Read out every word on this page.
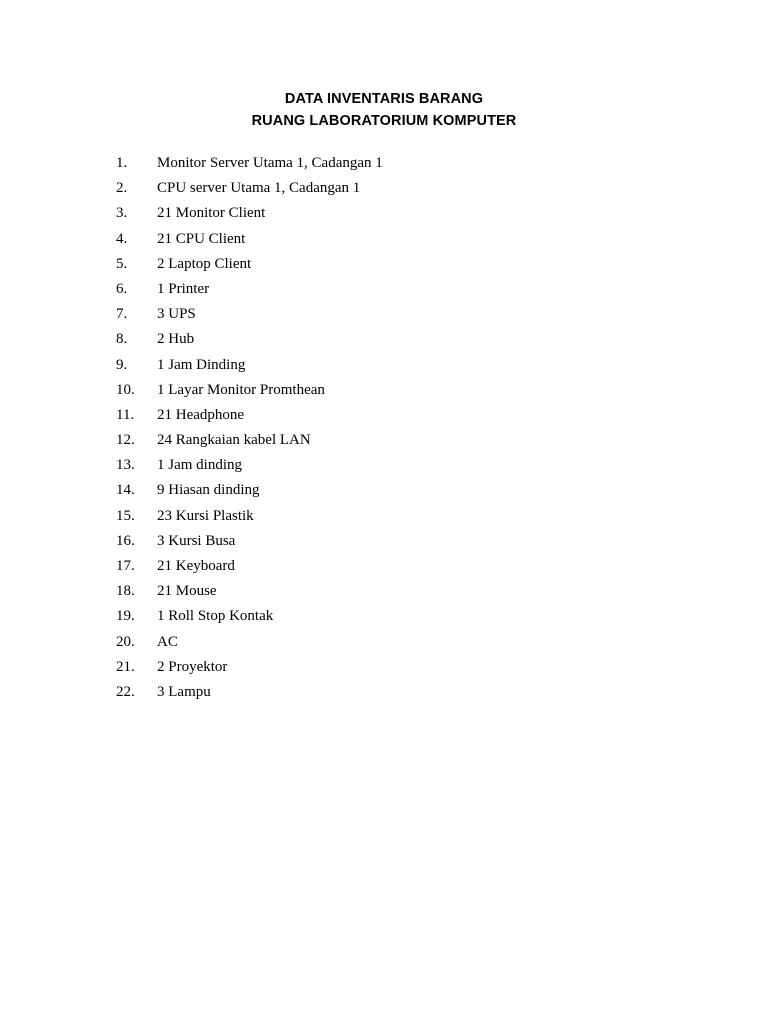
DATA INVENTARIS BARANG
RUANG LABORATORIUM KOMPUTER
1. Monitor Server Utama 1, Cadangan 1
2. CPU server Utama 1, Cadangan 1
3. 21 Monitor Client
4. 21 CPU Client
5. 2 Laptop Client
6. 1 Printer
7. 3 UPS
8. 2 Hub
9. 1 Jam Dinding
10. 1 Layar Monitor Promthean
11. 21 Headphone
12. 24 Rangkaian kabel LAN
13. 1 Jam dinding
14. 9 Hiasan dinding
15. 23 Kursi Plastik
16. 3 Kursi Busa
17. 21 Keyboard
18. 21 Mouse
19. 1 Roll Stop Kontak
20. AC
21. 2 Proyektor
22. 3 Lampu
